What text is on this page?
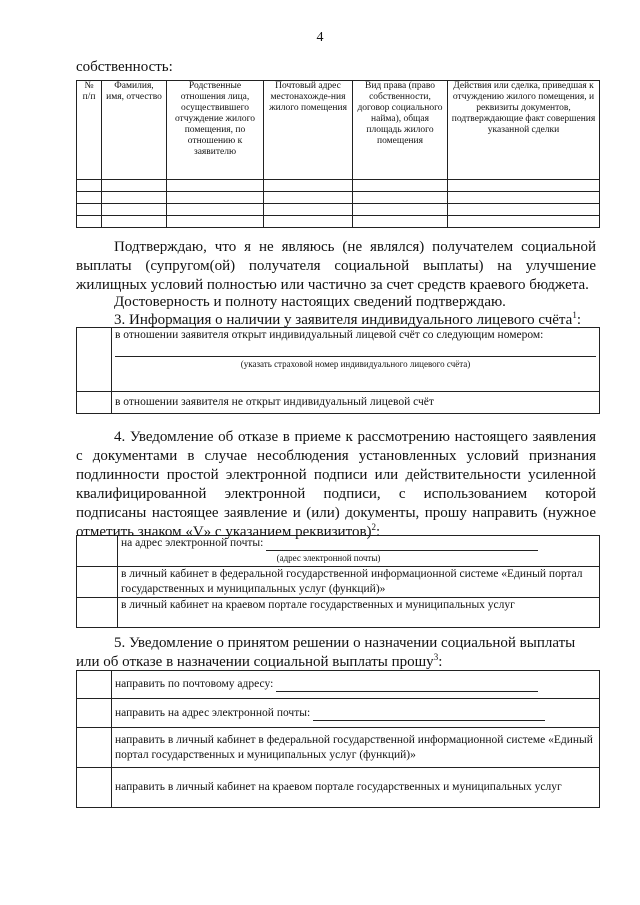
4
собственность:
№ п/п	Фамилия, имя, отчество	Родственные отношения лица, осуществившего отчуждение жилого помещения, по отношению к заявителю	Почтовый адрес местонахожде-ния жилого помещения	Вид права (право собственности, договор социального найма), общая площадь жилого помещения	Действия или сделка, приведшая к отчуждению жилого помещения, и реквизиты документов, подтверждающие факт совершения указанной сделки

Подтверждаю, что я не являюсь (не являлся) получателем социальной выплаты (супругом(ой) получателя социальной выплаты) на улучшение жилищных условий полностью или частично за счет средств краевого бюджета.
Достоверность и полноту настоящих сведений подтверждаю.
3. Информация о наличии у заявителя индивидуального лицевого счёта$^1$:

	в отношении заявителя открыт индивидуальный лицевой счёт со следующим номером:
(указать страховой номер индивидуального лицевого счёта)

	в отношении заявителя не открыт индивидуальный лицевой счёт
4. Уведомление об отказе в приеме к рассмотрению настоящего заявления с документами в случае несоблюдения установленных условий признания подлинности простой электронной подписи или действительности усиленной квалифицированной электронной подписи, с использованием которой подписаны настоящее заявление и (или) документы, прошу направить (нужное отметить знаком «V» с указанием реквизитов)$^2$:
	на адрес электронной почты:
(адрес электронной почты)

	в личный кабинет в федеральной государственной информационной системе «Единый портал государственных и муниципальных услуг (функций)»
	в личный кабинет на краевом портале государственных и муниципальных услуг
5. Уведомление о принятом решении о назначении социальной выплаты или об отказе в назначении социальной выплаты прошу$^3$:
	направить по почтовому адресу:
	направить на адрес электронной почты:
	направить в личный кабинет в федеральной государственной информационной системе «Единый портал государственных и муниципальных услуг (функций)»
	направить в личный кабинет на краевом портале государственных и муниципальных услуг
